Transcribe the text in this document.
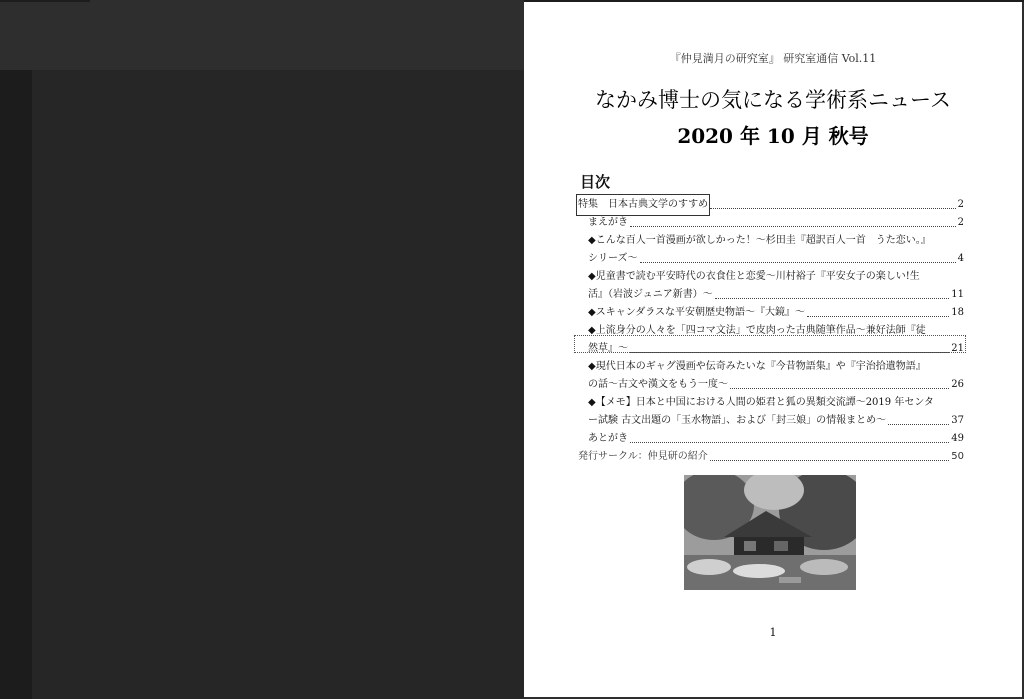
『仲見満月の研究室』 研究室通信 Vol.11
なかみ博士の気になる学術系ニュース
2020 年 10 月 秋号
目次
特集　日本古典文学のすすめ	2
まえがき	2
◆こんな百人一首漫画が欲しかった！～杉田圭『超訳百人一首　うた恋い。』
シリーズ～	4
◆児童書で読む平安時代の衣食住と恋愛～川村裕子『平安女子の楽しい!生
活』（岩波ジュニア新書）～	11
◆スキャンダラスな平安朝歴史物語～『大鏡』～	18
◆上流身分の人々を「四コマ文法」で皮肉った古典随筆作品～兼好法師『徒
然草』～	21
◆現代日本のギャグ漫画や伝奇みたいな『今昔物語集』や『宇治拾遺物語』
の話～古文や漢文をもう一度～	26
◆【メモ】日本と中国における人間の姫君と狐の異類交流譚～2019 年センタ
ー試験 古文出題の「玉水物語」、および「封三娘」の情報まとめ～	37
あとがき	49
発行サークル：仲見研の紹介	50
1
